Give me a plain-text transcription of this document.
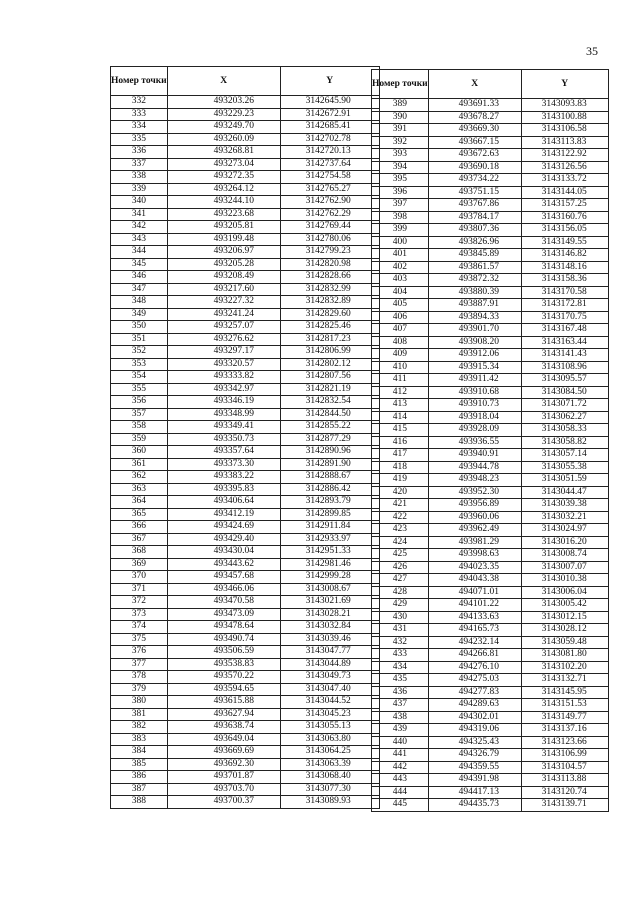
35
Номер точки	X	Y
332	493203.26	3142645.90
333	493229.23	3142672.91
334	493249.70	3142685.41
335	493260.09	3142702.78
336	493268.81	3142720.13
337	493273.04	3142737.64
338	493272.35	3142754.58
339	493264.12	3142765.27
340	493244.10	3142762.90
341	493223.68	3142762.29
342	493205.81	3142769.44
343	493199.48	3142780.06
344	493206.97	3142799.23
345	493205.28	3142820.98
346	493208.49	3142828.66
347	493217.60	3142832.99
348	493227.32	3142832.89
349	493241.24	3142829.60
350	493257.07	3142825.46
351	493276.62	3142817.23
352	493297.17	3142806.99
353	493320.57	3142802.12
354	493333.82	3142807.56
355	493342.97	3142821.19
356	493346.19	3142832.54
357	493348.99	3142844.50
358	493349.41	3142855.22
359	493350.73	3142877.29
360	493357.64	3142890.96
361	493373.30	3142891.90
362	493383.22	3142888.67
363	493395.83	3142886.42
364	493406.64	3142893.79
365	493412.19	3142899.85
366	493424.69	3142911.84
367	493429.40	3142933.97
368	493430.04	3142951.33
369	493443.62	3142981.46
370	493457.68	3142999.28
371	493466.06	3143008.67
372	493470.58	3143021.69
373	493473.09	3143028.21
374	493478.64	3143032.84
375	493490.74	3143039.46
376	493506.59	3143047.77
377	493538.83	3143044.89
378	493570.22	3143049.73
379	493594.65	3143047.40
380	493615.88	3143044.52
381	493627.94	3143045.23
382	493638.74	3143055.13
383	493649.04	3143063.80
384	493669.69	3143064.25
385	493692.30	3143063.39
386	493701.87	3143068.40
387	493703.70	3143077.30
388	493700.37	3143089.93
Номер точки	X	Y
389	493691.33	3143093.83
390	493678.27	3143100.88
391	493669.30	3143106.58
392	493667.15	3143113.83
393	493672.63	3143122.92
394	493690.18	3143126.56
395	493734.22	3143133.72
396	493751.15	3143144.05
397	493767.86	3143157.25
398	493784.17	3143160.76
399	493807.36	3143156.05
400	493826.96	3143149.55
401	493845.89	3143146.82
402	493861.57	3143148.16
403	493872.32	3143158.36
404	493880.39	3143170.58
405	493887.91	3143172.81
406	493894.33	3143170.75
407	493901.70	3143167.48
408	493908.20	3143163.44
409	493912.06	3143141.43
410	493915.34	3143108.96
411	493911.42	3143095.57
412	493910.68	3143084.50
413	493910.73	3143071.72
414	493918.04	3143062.27
415	493928.09	3143058.33
416	493936.55	3143058.82
417	493940.91	3143057.14
418	493944.78	3143055.38
419	493948.23	3143051.59
420	493952.30	3143044.47
421	493956.89	3143039.38
422	493960.06	3143032.21
423	493962.49	3143024.97
424	493981.29	3143016.20
425	493998.63	3143008.74
426	494023.35	3143007.07
427	494043.38	3143010.38
428	494071.01	3143006.04
429	494101.22	3143005.42
430	494133.63	3143012.15
431	494165.73	3143028.12
432	494232.14	3143059.48
433	494266.81	3143081.80
434	494276.10	3143102.20
435	494275.03	3143132.71
436	494277.83	3143145.95
437	494289.63	3143151.53
438	494302.01	3143149.77
439	494319.06	3143137.16
440	494325.43	3143123.66
441	494326.79	3143106.99
442	494359.55	3143104.57
443	494391.98	3143113.88
444	494417.13	3143120.74
445	494435.73	3143139.71
